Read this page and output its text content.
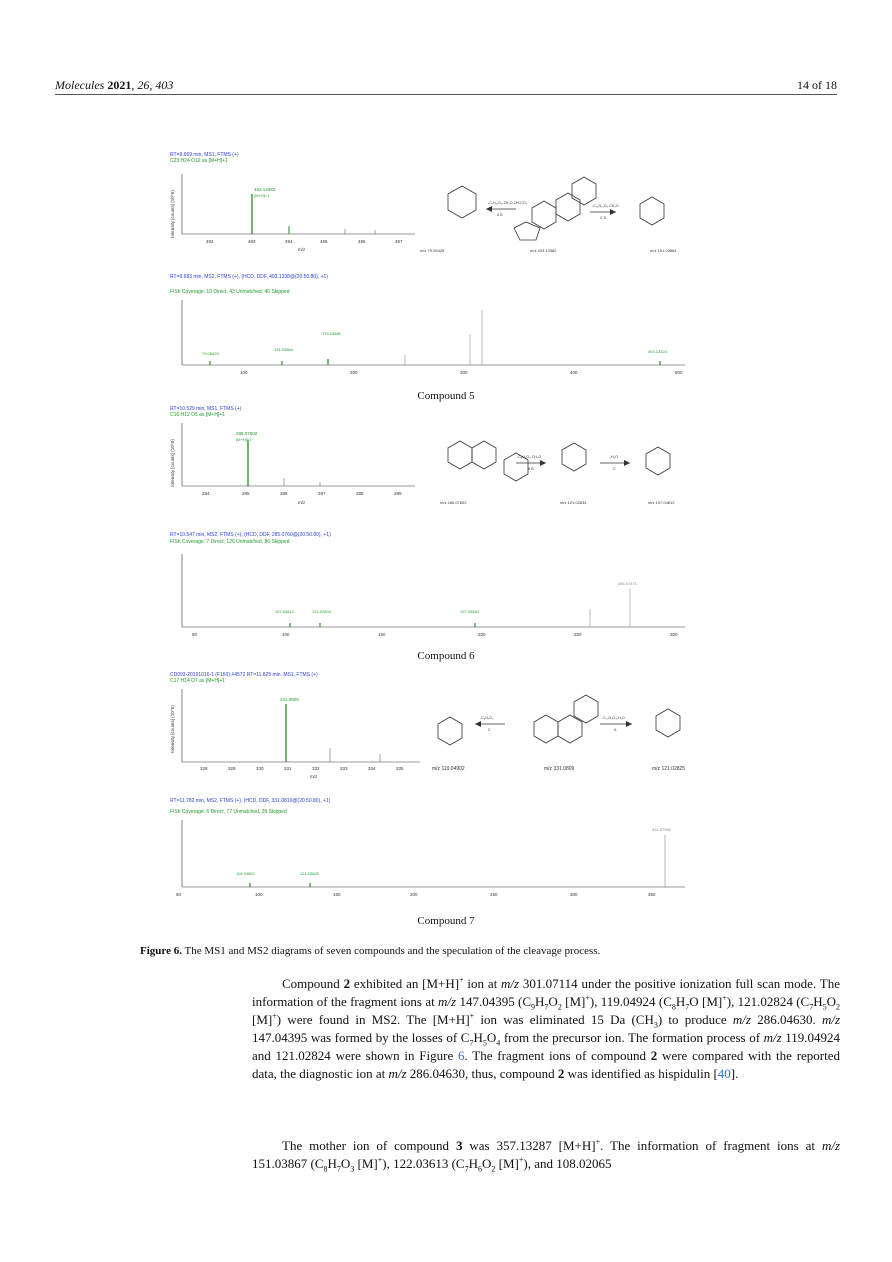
Molecules 2021, 26, 403	14 of 18
RT=9.669 min, MS1, FTMS (+)
C23 H24 O12 as [M+H]+1
Intensity [counts] (10^6)
493.13382
[M+H]+1
492	493	494	495	496	497
m/z
-C₇H₁₄O₆-2H₂O-OH-CO₂
A B
-C₁₆H₁₅O₈-CH₂O
C D
m/z 79.05429	m/z 493.13382	m/z 151.03864
RT=9.683 min, MS2, FTMS (+), (HCD, DDF, 493.1338@(20.50.80), +1)
FISh Coverage: 10 Direct, 43 Unmatched, 46 Skipped
79.05429
131.03864
175.03880
493.13324
100	200	300	400	500
Compound 5
RT=10.529 min, MS1, FTMS (+)
C16 H12 O5 as [M+H]+1
Intensity [counts] (10^6)
285.07602
[M+H]+1
284	285	286	287	288	289
m/z
-C₉H₈O₃-CH₂O
A B
-H₂O
C
m/z 285.07602	m/z 121.02834	m/z 107.04812
RT=10.547 min, MS2, FTMS (+), (HCD, DDF, 285.0760@(20.50.80), +1)
FISh Coverage: 7 Direct, 120 Unmatched, 86 Skipped
107.04812	121.02834	197.03840
285.07471
50	100	150	200	250	300
Compound 6
CD093-20191016-1 (F160) #4572 RT=11.825 min, MS1, FTMS (+)
C17 H14 O7 as [M+H]+1
Intensity [counts] (10^6)
331.0809
328	329	330	331	332	333	334	335
m/z
-C₉H₇O₅
C
-C₁₀H₄O₄-H₂O
A
m/z 119.04902	m/z 331.0809	m/z 121.02825
RT=11.782 min, MS2, FTMS (+), (HCD, DDF, 331.0810@(20.50.80), +1)
FISh Coverage: 6 Direct, 77 Unmatched, 39 Skipped
119.04902	121.02825
331.07983
50	100	150	200	250	300	350
Compound 7
Figure 6. The MS1 and MS2 diagrams of seven compounds and the speculation of the cleavage process.

Compound 2 exhibited an [M+H]+ ion at m/z 301.07114 under the positive ionization full scan mode. The information of the fragment ions at m/z 147.04395 ($C_9H_7O_2$ [M]+), 119.04924 ($C_8H_7O$ [M]+), 121.02824 ($C_7H_5O_2$ [M]+) were found in MS2. The [M+H]+ ion was eliminated 15 Da $(CH_3)$ to produce m/z 286.04630. m/z 147.04395 was formed by the losses of $C_7H_5O_4$ from the precursor ion. The formation process of m/z 119.04924 and 121.02824 were shown in Figure 6. The fragment ions of compound 2 were compared with the reported data, the diagnostic ion at m/z 286.04630, thus, compound 2 was identified as hispidulin [40].

The mother ion of compound 3 was 357.13287 [M+H]+. The information of fragment ions at m/z 151.03867 ($C_8H_7O_3$ [M]+), 122.03613 ($C_7H_6O_2$ [M]+), and 108.02065
